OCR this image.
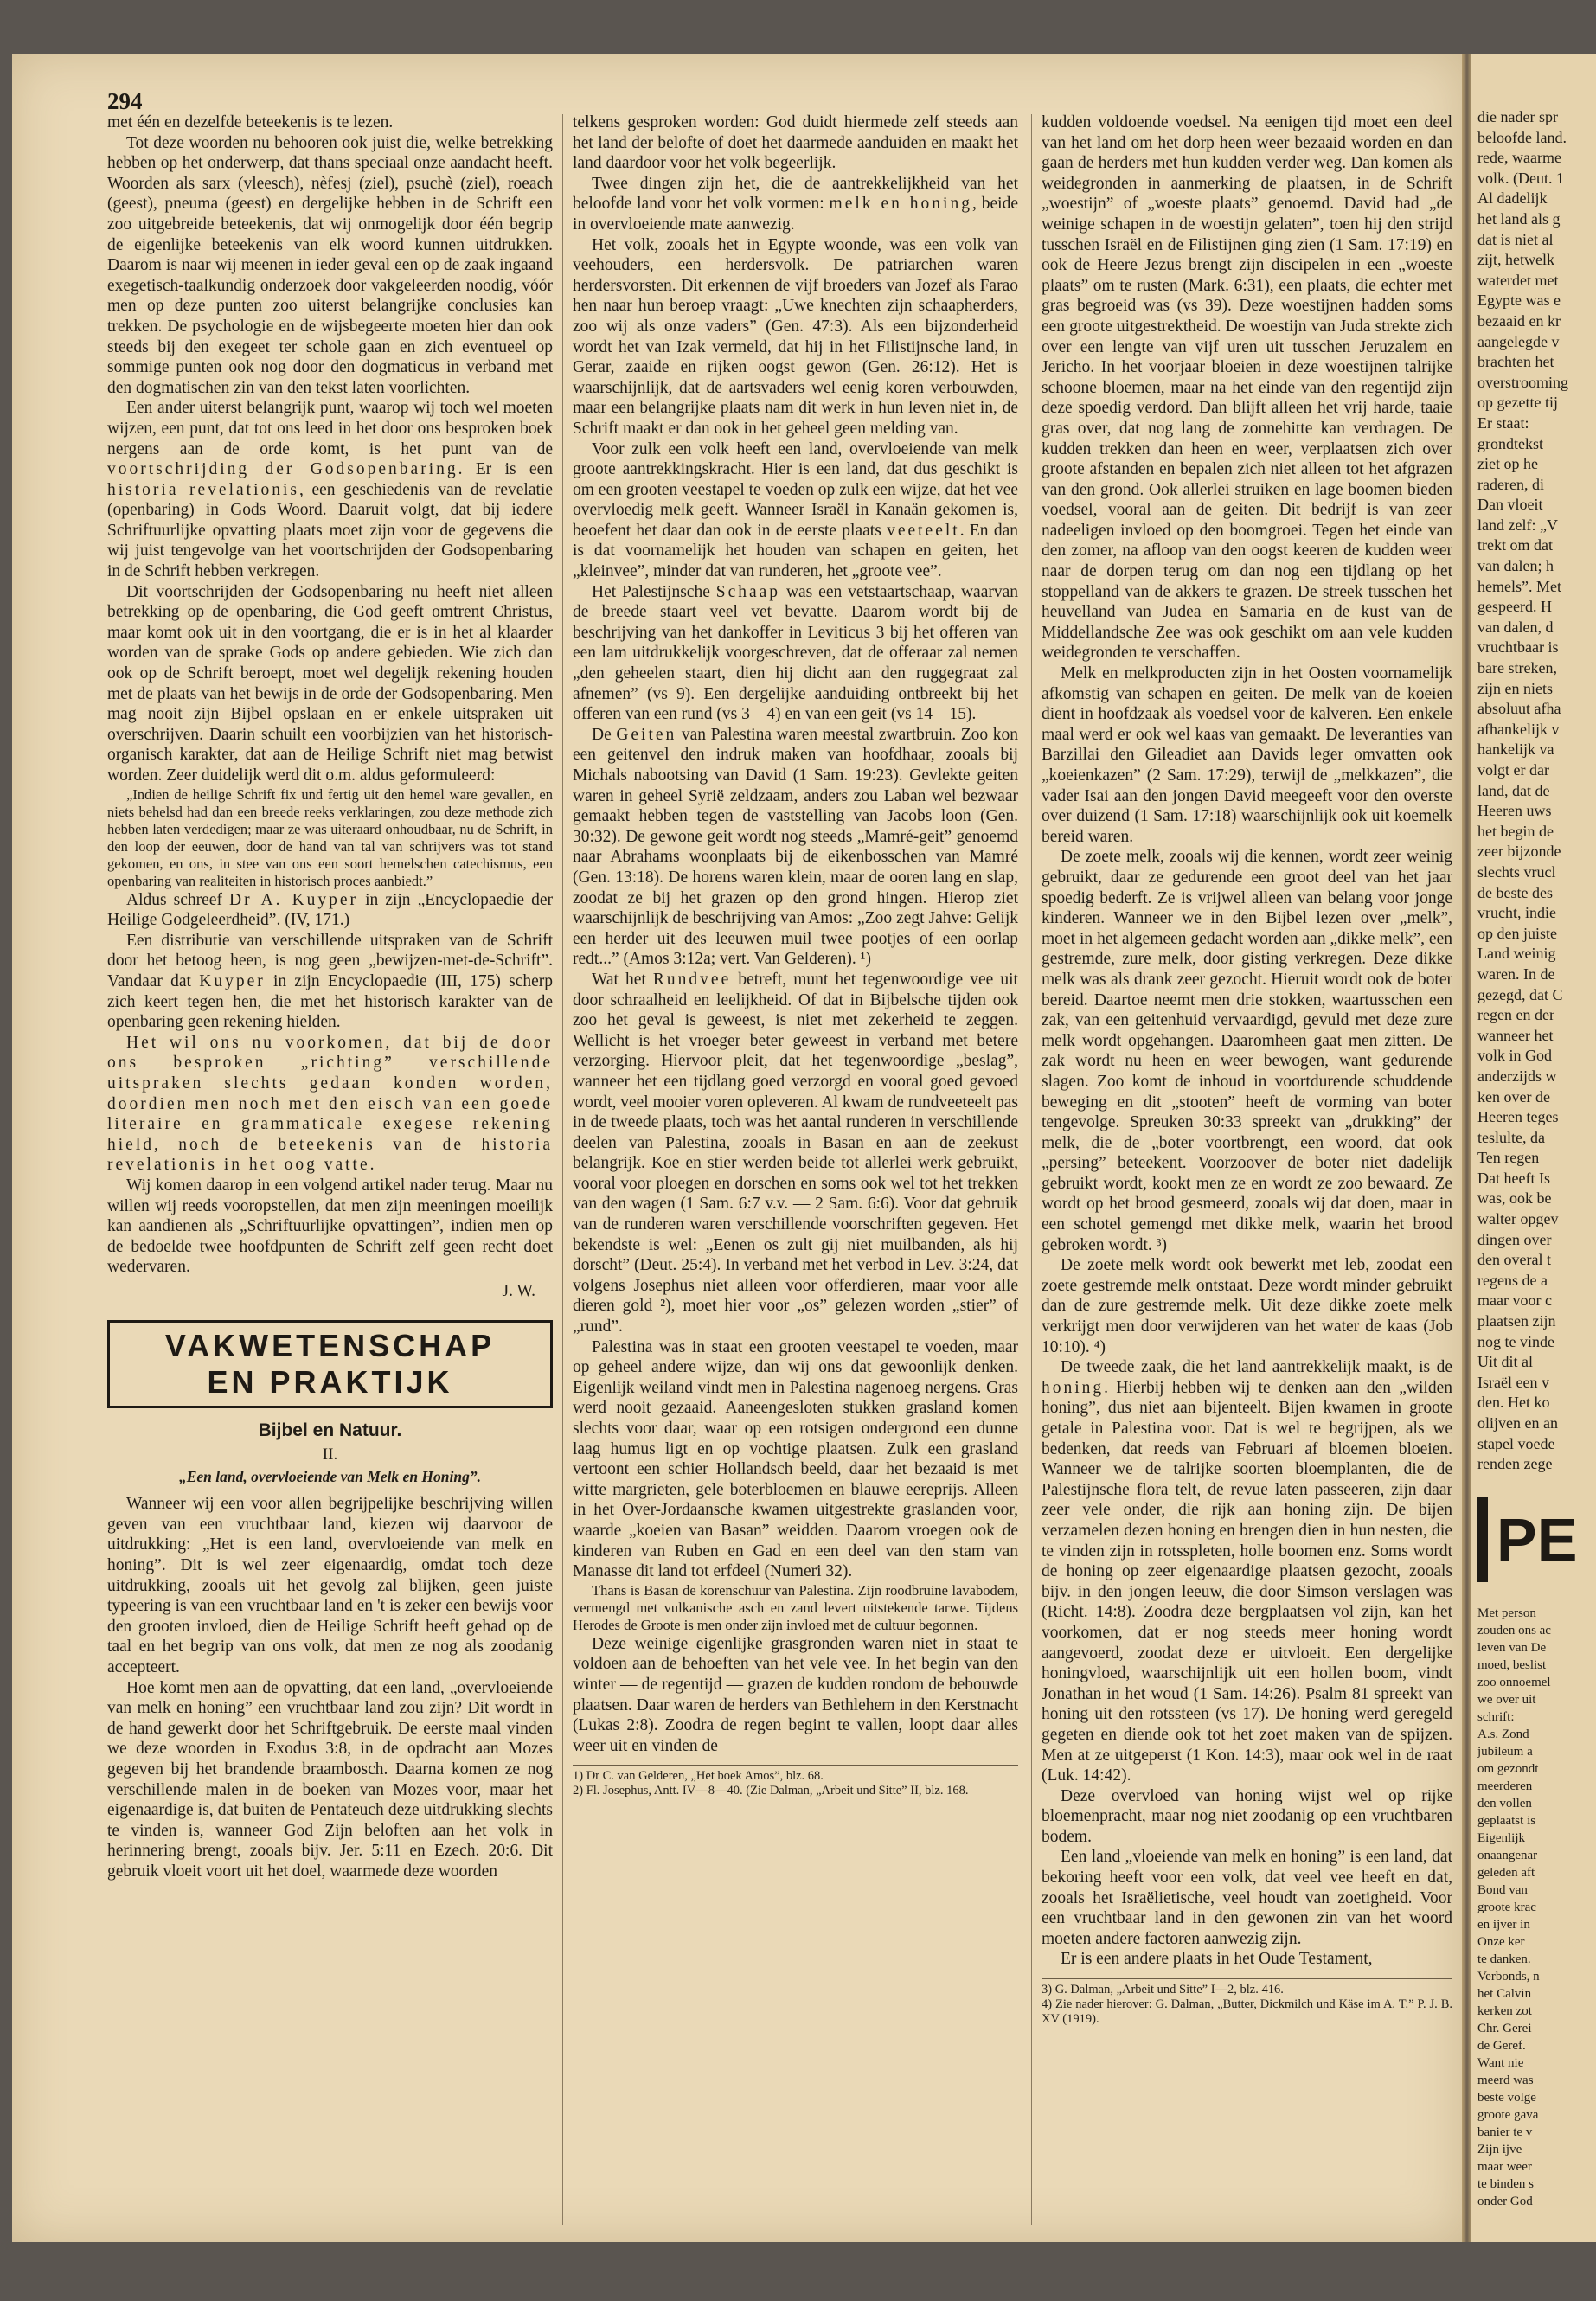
294

met één en dezelfde beteekenis is te lezen.

Tot deze woorden nu behooren ook juist die, welke betrekking hebben op het onderwerp, dat thans speciaal onze aandacht heeft. Woorden als sarx (vleesch), nèfesj (ziel), psuchè (ziel), roeach (geest), pneuma (geest) en dergelijke hebben in de Schrift een zoo uitgebreide beteekenis, dat wij onmogelijk door één begrip de eigenlijke beteekenis van elk woord kunnen uitdrukken. Daarom is naar wij meenen in ieder geval een op de zaak ingaand exegetisch-taalkundig onderzoek door vakgeleerden noodig, vóór men op deze punten zoo uiterst belangrijke conclusies kan trekken. De psychologie en de wijsbegeerte moeten hier dan ook steeds bij den exegeet ter schole gaan en zich eventueel op sommige punten ook nog door den dogmaticus in verband met den dogmatischen zin van den tekst laten voorlichten.

Een ander uiterst belangrijk punt, waarop wij toch wel moeten wijzen, een punt, dat tot ons leed in het door ons besproken boek nergens aan de orde komt, is het punt van de voortschrijding der Godsopenbaring. Er is een historia revelationis, een geschiedenis van de revelatie (openbaring) in Gods Woord. Daaruit volgt, dat bij iedere Schriftuurlijke opvatting plaats moet zijn voor de gegevens die wij juist tengevolge van het voortschrijden der Godsopenbaring in de Schrift hebben verkregen.

Dit voortschrijden der Godsopenbaring nu heeft niet alleen betrekking op de openbaring, die God geeft omtrent Christus, maar komt ook uit in den voortgang, die er is in het al klaarder worden van de sprake Gods op andere gebieden. Wie zich dan ook op de Schrift beroept, moet wel degelijk rekening houden met de plaats van het bewijs in de orde der Godsopenbaring. Men mag nooit zijn Bijbel opslaan en er enkele uitspraken uit overschrijven. Daarin schuilt een voorbijzien van het historisch-organisch karakter, dat aan de Heilige Schrift niet mag betwist worden. Zeer duidelijk werd dit o.m. aldus geformuleerd:

„Indien de heilige Schrift fix und fertig uit den hemel ware gevallen, en niets behelsd had dan een breede reeks verklaringen, zou deze methode zich hebben laten verdedigen; maar ze was uiteraard onhoudbaar, nu de Schrift, in den loop der eeuwen, door de hand van tal van schrijvers was tot stand gekomen, en ons, in stee van ons een soort hemelschen catechismus, een openbaring van realiteiten in historisch proces aanbiedt.”

Aldus schreef Dr A. Kuyper in zijn „Encyclopaedie der Heilige Godgeleerdheid”. (IV, 171.)

Een distributie van verschillende uitspraken van de Schrift door het betoog heen, is nog geen „bewijzen-met-de-Schrift”. Vandaar dat Kuyper in zijn Encyclopaedie (III, 175) scherp zich keert tegen hen, die met het historisch karakter van de openbaring geen rekening hielden.

Het wil ons nu voorkomen, dat bij de door ons besproken „richting” verschillende uitspraken slechts gedaan konden worden, doordien men noch met den eisch van een goede literaire en grammaticale exegese rekening hield, noch de beteekenis van de historia revelationis in het oog vatte.

Wij komen daarop in een volgend artikel nader terug. Maar nu willen wij reeds vooropstellen, dat men zijn meeningen moeilijk kan aandienen als „Schriftuurlijke opvattingen”, indien men op de bedoelde twee hoofdpunten de Schrift zelf geen recht doet wedervaren.

J. W.
VAKWETENSCHAP
EN PRAKTIJK
Bijbel en Natuur.
II.
„Een land, overvloeiende van Melk en Honing”.

Wanneer wij een voor allen begrijpelijke beschrijving willen geven van een vruchtbaar land, kiezen wij daarvoor de uitdrukking: „Het is een land, overvloeiende van melk en honing”. Dit is wel zeer eigenaardig, omdat toch deze uitdrukking, zooals uit het gevolg zal blijken, geen juiste typeering is van een vruchtbaar land en 't is zeker een bewijs voor den grooten invloed, dien de Heilige Schrift heeft gehad op de taal en het begrip van ons volk, dat men ze nog als zoodanig accepteert.

Hoe komt men aan de opvatting, dat een land, „overvloeiende van melk en honing” een vruchtbaar land zou zijn? Dit wordt in de hand gewerkt door het Schriftgebruik. De eerste maal vinden we deze woorden in Exodus 3:8, in de opdracht aan Mozes gegeven bij het brandende braambosch. Daarna komen ze nog verschillende malen in de boeken van Mozes voor, maar het eigenaardige is, dat buiten de Pentateuch deze uitdrukking slechts te vinden is, wanneer God Zijn beloften aan het volk in herinnering brengt, zooals bijv. Jer. 5:11 en Ezech. 20:6. Dit gebruik vloeit voort uit het doel, waarmede deze woorden

telkens gesproken worden: God duidt hiermede zelf steeds aan het land der belofte of doet het daarmede aanduiden en maakt het land daardoor voor het volk begeerlijk.

Twee dingen zijn het, die de aantrekkelijkheid van het beloofde land voor het volk vormen: melk en honing, beide in overvloeiende mate aanwezig.

Het volk, zooals het in Egypte woonde, was een volk van veehouders, een herdersvolk. De patriarchen waren herdersvorsten. Dit erkennen de vijf broeders van Jozef als Farao hen naar hun beroep vraagt: „Uwe knechten zijn schaapherders, zoo wij als onze vaders” (Gen. 47:3). Als een bijzonderheid wordt het van Izak vermeld, dat hij in het Filistijnsche land, in Gerar, zaaide en rijken oogst gewon (Gen. 26:12). Het is waarschijnlijk, dat de aartsvaders wel eenig koren verbouwden, maar een belangrijke plaats nam dit werk in hun leven niet in, de Schrift maakt er dan ook in het geheel geen melding van.

Voor zulk een volk heeft een land, overvloeiende van melk groote aantrekkingskracht. Hier is een land, dat dus geschikt is om een grooten veestapel te voeden op zulk een wijze, dat het vee overvloedig melk geeft. Wanneer Israël in Kanaän gekomen is, beoefent het daar dan ook in de eerste plaats veeteelt. En dan is dat voornamelijk het houden van schapen en geiten, het „kleinvee”, minder dat van runderen, het „groote vee”.

Het Palestijnsche Schaap was een vetstaartschaap, waarvan de breede staart veel vet bevatte. Daarom wordt bij de beschrijving van het dankoffer in Leviticus 3 bij het offeren van een lam uitdrukkelijk voorgeschreven, dat de offeraar zal nemen „den geheelen staart, dien hij dicht aan den ruggegraat zal afnemen” (vs 9). Een dergelijke aanduiding ontbreekt bij het offeren van een rund (vs 3—4) en van een geit (vs 14—15).

De Geiten van Palestina waren meestal zwartbruin. Zoo kon een geitenvel den indruk maken van hoofdhaar, zooals bij Michals nabootsing van David (1 Sam. 19:23). Gevlekte geiten waren in geheel Syrië zeldzaam, anders zou Laban wel bezwaar gemaakt hebben tegen de vaststelling van Jacobs loon (Gen. 30:32). De gewone geit wordt nog steeds „Mamré-geit” genoemd naar Abrahams woonplaats bij de eikenbosschen van Mamré (Gen. 13:18). De horens waren klein, maar de ooren lang en slap, zoodat ze bij het grazen op den grond hingen. Hierop ziet waarschijnlijk de beschrijving van Amos: „Zoo zegt Jahve: Gelijk een herder uit des leeuwen muil twee pootjes of een oorlap redt...” (Amos 3:12a; vert. Van Gelderen). ¹)

Wat het Rundvee betreft, munt het tegenwoordige vee uit door schraalheid en leelijkheid. Of dat in Bijbelsche tijden ook zoo het geval is geweest, is niet met zekerheid te zeggen. Wellicht is het vroeger beter geweest in verband met betere verzorging. Hiervoor pleit, dat het tegenwoordige „beslag”, wanneer het een tijdlang goed verzorgd en vooral goed gevoed wordt, veel mooier voren opleveren. Al kwam de rundveeteelt pas in de tweede plaats, toch was het aantal runderen in verschillende deelen van Palestina, zooals in Basan en aan de zeekust belangrijk. Koe en stier werden beide tot allerlei werk gebruikt, vooral voor ploegen en dorschen en soms ook wel tot het trekken van den wagen (1 Sam. 6:7 v.v. — 2 Sam. 6:6). Voor dat gebruik van de runderen waren verschillende voorschriften gegeven. Het bekendste is wel: „Eenen os zult gij niet muilbanden, als hij dorscht” (Deut. 25:4). In verband met het verbod in Lev. 3:24, dat volgens Josephus niet alleen voor offerdieren, maar voor alle dieren gold ²), moet hier voor „os” gelezen worden „stier” of „rund”.

Palestina was in staat een grooten veestapel te voeden, maar op geheel andere wijze, dan wij ons dat gewoonlijk denken. Eigenlijk weiland vindt men in Palestina nagenoeg nergens. Gras werd nooit gezaaid. Aaneengesloten stukken grasland komen slechts voor daar, waar op een rotsigen ondergrond een dunne laag humus ligt en op vochtige plaatsen. Zulk een grasland vertoont een schier Hollandsch beeld, daar het bezaaid is met witte margrieten, gele boterbloemen en blauwe eereprijs. Alleen in het Over-Jordaansche kwamen uitgestrekte graslanden voor, waarde „koeien van Basan” weidden. Daarom vroegen ook de kinderen van Ruben en Gad en een deel van den stam van Manasse dit land tot erfdeel (Numeri 32).

Thans is Basan de korenschuur van Palestina. Zijn roodbruine lavabodem, vermengd met vulkanische asch en zand levert uitstekende tarwe. Tijdens Herodes de Groote is men onder zijn invloed met de cultuur begonnen.

Deze weinige eigenlijke grasgronden waren niet in staat te voldoen aan de behoeften van het vele vee. In het begin van den winter — de regentijd — grazen de kudden rondom de bebouwde plaatsen. Daar waren de herders van Bethlehem in den Kerstnacht (Lukas 2:8). Zoodra de regen begint te vallen, loopt daar alles weer uit en vinden de

1) Dr C. van Gelderen, „Het boek Amos”, blz. 68.
2) Fl. Josephus, Antt. IV—8—40. (Zie Dalman, „Arbeit und Sitte” II, blz. 168.

kudden voldoende voedsel. Na eenigen tijd moet een deel van het land om het dorp heen weer bezaaid worden en dan gaan de herders met hun kudden verder weg. Dan komen als weidegronden in aanmerking de plaatsen, in de Schrift „woestijn” of „woeste plaats” genoemd. David had „de weinige schapen in de woestijn gelaten”, toen hij den strijd tusschen Israël en de Filistijnen ging zien (1 Sam. 17:19) en ook de Heere Jezus brengt zijn discipelen in een „woeste plaats” om te rusten (Mark. 6:31), een plaats, die echter met gras begroeid was (vs 39). Deze woestijnen hadden soms een groote uitgestrektheid. De woestijn van Juda strekte zich over een lengte van vijf uren uit tusschen Jeruzalem en Jericho. In het voorjaar bloeien in deze woestijnen talrijke schoone bloemen, maar na het einde van den regentijd zijn deze spoedig verdord. Dan blijft alleen het vrij harde, taaie gras over, dat nog lang de zonnehitte kan verdragen. De kudden trekken dan heen en weer, verplaatsen zich over groote afstanden en bepalen zich niet alleen tot het afgrazen van den grond. Ook allerlei struiken en lage boomen bieden voedsel, vooral aan de geiten. Dit bedrijf is van zeer nadeeligen invloed op den boomgroei. Tegen het einde van den zomer, na afloop van den oogst keeren de kudden weer naar de dorpen terug om dan nog een tijdlang op het stoppelland van de akkers te grazen. De streek tusschen het heuvelland van Judea en Samaria en de kust van de Middellandsche Zee was ook geschikt om aan vele kudden weidegronden te verschaffen.

Melk en melkproducten zijn in het Oosten voornamelijk afkomstig van schapen en geiten. De melk van de koeien dient in hoofdzaak als voedsel voor de kalveren. Een enkele maal werd er ook wel kaas van gemaakt. De leveranties van Barzillai den Gileadiet aan Davids leger omvatten ook „koeienkazen” (2 Sam. 17:29), terwijl de „melkkazen”, die vader Isai aan den jongen David meegeeft voor den overste over duizend (1 Sam. 17:18) waarschijnlijk ook uit koemelk bereid waren.

De zoete melk, zooals wij die kennen, wordt zeer weinig gebruikt, daar ze gedurende een groot deel van het jaar spoedig bederft. Ze is vrijwel alleen van belang voor jonge kinderen. Wanneer we in den Bijbel lezen over „melk”, moet in het algemeen gedacht worden aan „dikke melk”, een gestremde, zure melk, door gisting verkregen. Deze dikke melk was als drank zeer gezocht. Hieruit wordt ook de boter bereid. Daartoe neemt men drie stokken, waartusschen een zak, van een geitenhuid vervaardigd, gevuld met deze zure melk wordt opgehangen. Daaromheen gaat men zitten. De zak wordt nu heen en weer bewogen, want gedurende slagen. Zoo komt de inhoud in voortdurende schuddende beweging en dit „stooten” heeft de vorming van boter tengevolge. Spreuken 30:33 spreekt van „drukking” der melk, die de „boter voortbrengt, een woord, dat ook „persing” beteekent. Voorzoover de boter niet dadelijk gebruikt wordt, kookt men ze en wordt ze zoo bewaard. Ze wordt op het brood gesmeerd, zooals wij dat doen, maar in een schotel gemengd met dikke melk, waarin het brood gebroken wordt. ³)

De zoete melk wordt ook bewerkt met leb, zoodat een zoete gestremde melk ontstaat. Deze wordt minder gebruikt dan de zure gestremde melk. Uit deze dikke zoete melk verkrijgt men door verwijderen van het water de kaas (Job 10:10). ⁴)

De tweede zaak, die het land aantrekkelijk maakt, is de honing. Hierbij hebben wij te denken aan den „wilden honing”, dus niet aan bijenteelt. Bijen kwamen in groote getale in Palestina voor. Dat is wel te begrijpen, als we bedenken, dat reeds van Februari af bloemen bloeien. Wanneer we de talrijke soorten bloemplanten, die de Palestijnsche flora telt, de revue laten passeeren, zijn daar zeer vele onder, die rijk aan honing zijn. De bijen verzamelen dezen honing en brengen dien in hun nesten, die te vinden zijn in rotsspleten, holle boomen enz. Soms wordt de honing op zeer eigenaardige plaatsen gezocht, zooals bijv. in den jongen leeuw, die door Simson verslagen was (Richt. 14:8). Zoodra deze bergplaatsen vol zijn, kan het voorkomen, dat er nog steeds meer honing wordt aangevoerd, zoodat deze er uitvloeit. Een dergelijke honingvloed, waarschijnlijk uit een hollen boom, vindt Jonathan in het woud (1 Sam. 14:26). Psalm 81 spreekt van honing uit den rotssteen (vs 17). De honing werd geregeld gegeten en diende ook tot het zoet maken van de spijzen. Men at ze uitgeperst (1 Kon. 14:3), maar ook wel in de raat (Luk. 14:42).

Deze overvloed van honing wijst wel op rijke bloemenpracht, maar nog niet zoodanig op een vruchtbaren bodem.

Een land „vloeiende van melk en honing” is een land, dat bekoring heeft voor een volk, dat veel vee heeft en dat, zooals het Israëlietische, veel houdt van zoetigheid. Voor een vruchtbaar land in den gewonen zin van het woord moeten andere factoren aanwezig zijn.

Er is een andere plaats in het Oude Testament,

3) G. Dalman, „Arbeit und Sitte” I—2, blz. 416.
4) Zie nader hierover: G. Dalman, „Butter, Dickmilch und Käse im A. T.” P. J. B. XV (1919).
die nader spr
beloofde land.
rede, waarme
volk. (Deut. 1
Al dadelijk
het land als g
dat is niet al
zijt, hetwelk
waterdet met
Egypte was e
bezaaid en kr
aangelegde v
brachten het
overstrooming
op gezette tij
Er staat:
grondtekst
ziet op he
raderen, di
Dan vloeit
land zelf: „V
trekt om dat
van dalen; h
hemels”. Met
gespeerd. H
van dalen, d
vruchtbaar is
bare streken,
zijn en niets
absoluut afha
afhankelijk v
hankelijk va
volgt er dar
land, dat de
Heeren uws
het begin de
zeer bijzonde
slechts vrucl
de beste des
vrucht, indie
op den juiste
Land weinig
waren. In de
gezegd, dat C
regen en der
wanneer het
volk in God
anderzijds w
ken over de
Heeren teges
teslulte, da
Ten regen
Dat heeft Is
was, ook be
walter opgev
dingen over
den overal t
regens de a
maar voor c
plaatsen zijn
nog te vinde
Uit dit al
Israël een v
den. Het ko
olijven en an
stapel voede
renden zege
PE
Met person
zouden ons ac
leven van De
moed, beslist
zoo onnoemel
we over uit
schrift:
A.s. Zond
jubileum a
om gezondt
meerderen
den vollen
geplaatst is
Eigenlijk
onaangenar
geleden aft
Bond van
groote krac
en ijver in
Onze ker
te danken.
Verbonds, n
het Calvin
kerken zot
Chr. Gerei
de Geref.
Want nie
meerd was
beste volge
groote gava
banier te v
Zijn ijve
maar weer
te binden s
onder God
